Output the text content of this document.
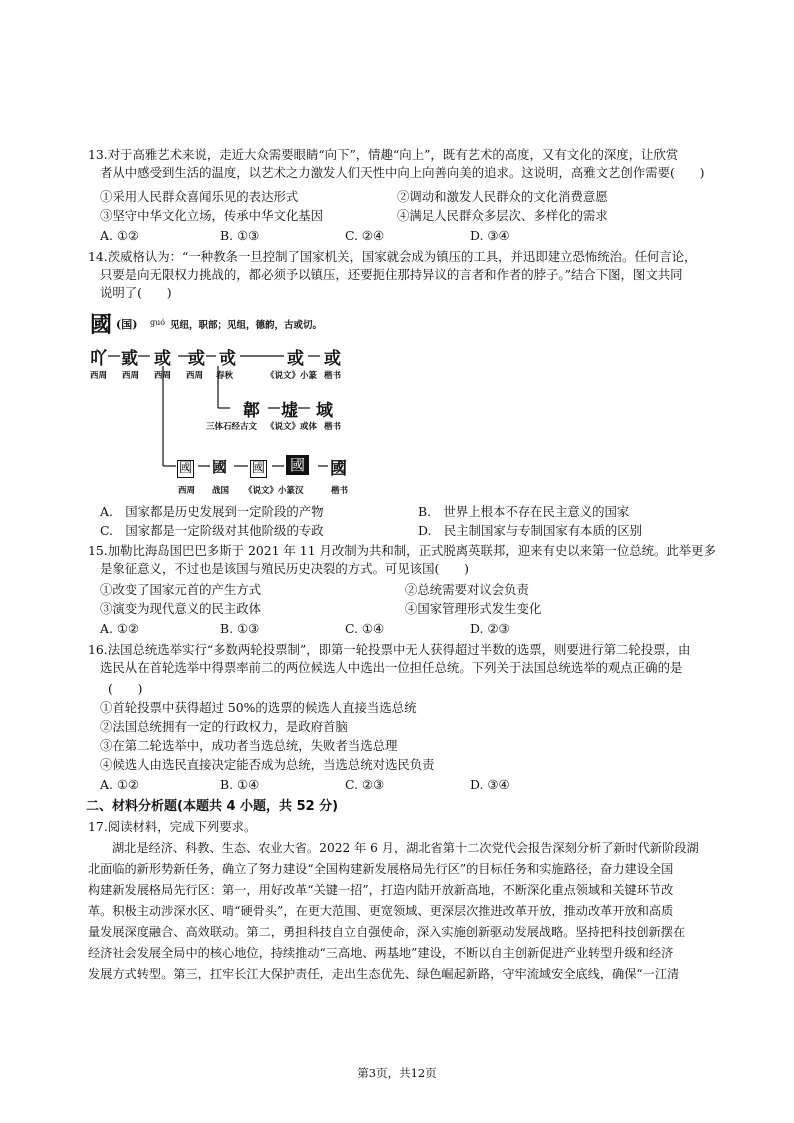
13.对于高雅艺术来说，走近大众需要眼睛“向下”，情趣“向上”，既有艺术的高度，又有文化的深度，让欣赏
者从中感受到生活的温度，以艺术之力激发人们天性中向上向善向美的追求。这说明，高雅文艺创作需要(　　)
①采用人民群众喜闻乐见的表达形式	②调动和激发人民群众的文化消费意愿
③坚守中华文化立场，传承中华文化基因	④满足人民群众多层次、多样化的需求
A. ①②	B. ①③	C. ②④	D. ③④
14.茨威格认为：“一种教条一旦控制了国家机关，国家就会成为镇压的工具，并迅即建立恐怖统治。任何言论，
只要是向无限权力挑战的，都必须予以镇压，还要扼住那持异议的言者和作者的脖子。”结合下图，图文共同
说明了(　　)
國 (国) guó 见纽，职部；见组，德韵，古或切。
吖 戜 或 或 戓	或 或
西周 西周 西周 西周 春秋	《说文》小篆 楷书
郼 墟 域
三体石经古文 《说文》或体 楷书
國 國 國 國 國
西周 战国 《说文》小篆 汉	楷书
A.　国家都是历史发展到一定阶段的产物	B.　世界上根本不存在民主意义的国家
C.　国家都是一定阶级对其他阶级的专政	D.　民主制国家与专制国家有本质的区别
15.加勒比海岛国巴巴多斯于 2021 年 11 月改制为共和制，正式脱离英联邦，迎来有史以来第一位总统。此举更多
是象征意义，不过也是该国与殖民历史决裂的方式。可见该国(　　)
①改变了国家元首的产生方式	②总统需要对议会负责
③演变为现代意义的民主政体	④国家管理形式发生变化
A. ①②	B. ①③	C. ①④	D. ②③
16.法国总统选举实行“多数两轮投票制”，即第一轮投票中无人获得超过半数的选票，则要进行第二轮投票，由
选民从在首轮选举中得票率前二的两位候选人中选出一位担任总统。下列关于法国总统选举的观点正确的是
(　　)
①首轮投票中获得超过 50%的选票的候选人直接当选总统
②法国总统拥有一定的行政权力，是政府首脑
③在第二轮选举中，成功者当选总统，失败者当选总理
④候选人由选民直接决定能否成为总统，当选总统对选民负责
A. ①②	B. ①④	C. ②③	D. ③④
二、材料分析题(本题共 4 小题，共 52 分)
17.阅读材料，完成下列要求。
湖北是经济、科教、生态、农业大省。2022 年 6 月，湖北省第十二次党代会报告深刻分析了新时代新阶段湖
北面临的新形势新任务，确立了努力建设“全国构建新发展格局先行区”的目标任务和实施路径，奋力建设全国
构建新发展格局先行区：第一，用好改革“关键一招”，打造内陆开放新高地，不断深化重点领域和关键环节改
革。积极主动涉深水区、啃“硬骨头”，在更大范围、更宽领域、更深层次推进改革开放，推动改革开放和高质
量发展深度融合、高效联动。第二，勇担科技自立自强使命，深入实施创新驱动发展战略。坚持把科技创新摆在
经济社会发展全局中的核心地位，持续推动“三高地、两基地”建设，不断以自主创新促进产业转型升级和经济
发展方式转型。第三，扛牢长江大保护责任，走出生态优先、绿色崛起新路，守牢流域安全底线，确保“一江清
第3页，共12页
